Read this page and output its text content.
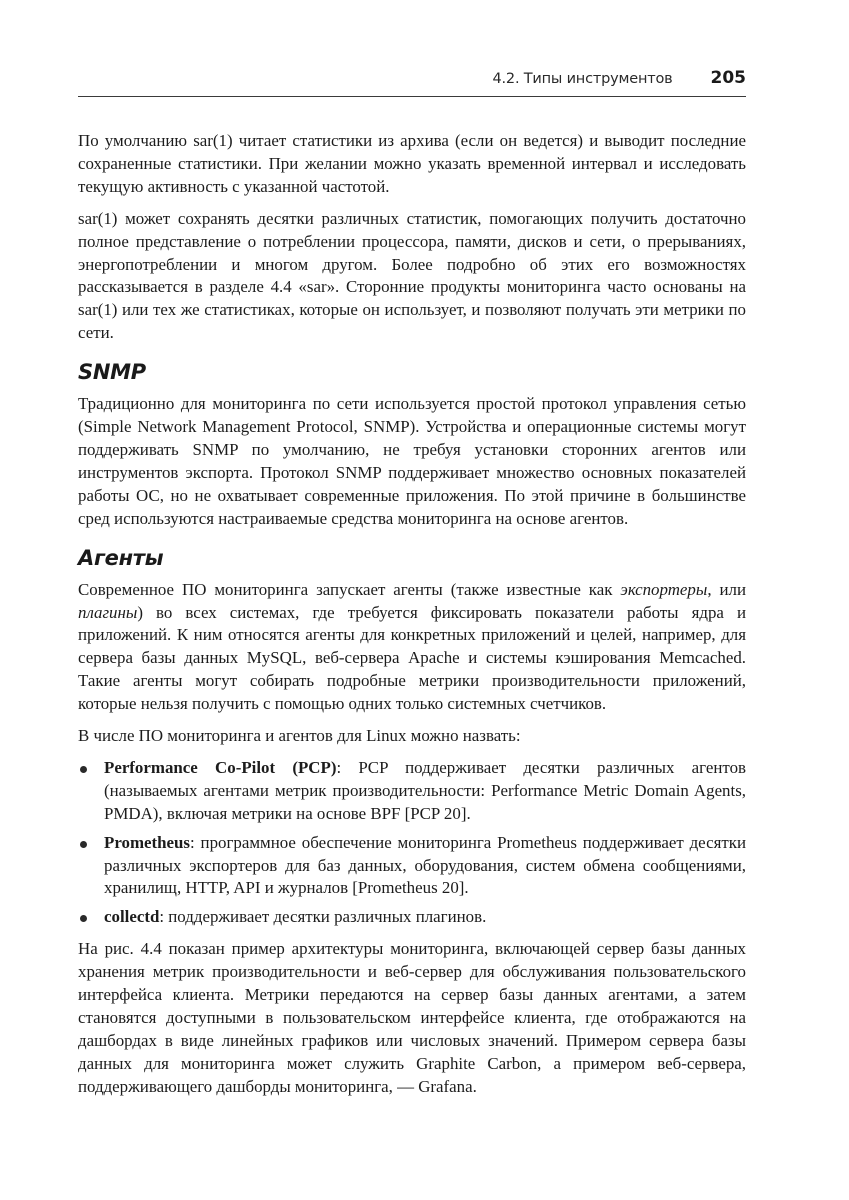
4.2. Типы инструментов 205

По умолчанию sar(1) читает статистики из архива (если он ведется) и выводит последние сохраненные статистики. При желании можно указать временной интервал и исследовать текущую активность с указанной частотой.

sar(1) может сохранять десятки различных статистик, помогающих получить достаточно полное представление о потреблении процессора, памяти, дисков и сети, о прерываниях, энергопотреблении и многом другом. Более подробно об этих его возможностях рассказывается в разделе 4.4 «sar». Сторонние продукты мониторинга часто основаны на sar(1) или тех же статистиках, которые он использует, и позволяют получать эти метрики по сети.

SNMP

Традиционно для мониторинга по сети используется простой протокол управления сетью (Simple Network Management Protocol, SNMP). Устройства и операционные системы могут поддерживать SNMP по умолчанию, не требуя установки сторонних агентов или инструментов экспорта. Протокол SNMP поддерживает множество основных показателей работы ОС, но не охватывает современные приложения. По этой причине в большинстве сред используются настраиваемые средства мониторинга на основе агентов.

Агенты

Современное ПО мониторинга запускает агенты (также известные как экспортеры, или плагины) во всех системах, где требуется фиксировать показатели работы ядра и приложений. К ним относятся агенты для конкретных приложений и целей, например, для сервера базы данных MySQL, веб-сервера Apache и системы кэширования Memcached. Такие агенты могут собирать подробные метрики производительности приложений, которые нельзя получить с помощью одних только системных счетчиков.

В числе ПО мониторинга и агентов для Linux можно назвать:

Performance Co-Pilot (PCP): PCP поддерживает десятки различных агентов (называемых агентами метрик производительности: Performance Metric Domain Agents, PMDA), включая метрики на основе BPF [PCP 20].
Prometheus: программное обеспечение мониторинга Prometheus поддерживает десятки различных экспортеров для баз данных, оборудования, систем обмена сообщениями, хранилищ, HTTP, API и журналов [Prometheus 20].
collectd: поддерживает десятки различных плагинов.

На рис. 4.4 показан пример архитектуры мониторинга, включающей сервер базы данных хранения метрик производительности и веб-сервер для обслуживания пользовательского интерфейса клиента. Метрики передаются на сервер базы данных агентами, а затем становятся доступными в пользовательском интерфейсе клиента, где отображаются на дашбордах в виде линейных графиков или числовых значений. Примером сервера базы данных для мониторинга может служить Graphite Carbon, а примером веб-сервера, поддерживающего дашборды мониторинга, — Grafana.
